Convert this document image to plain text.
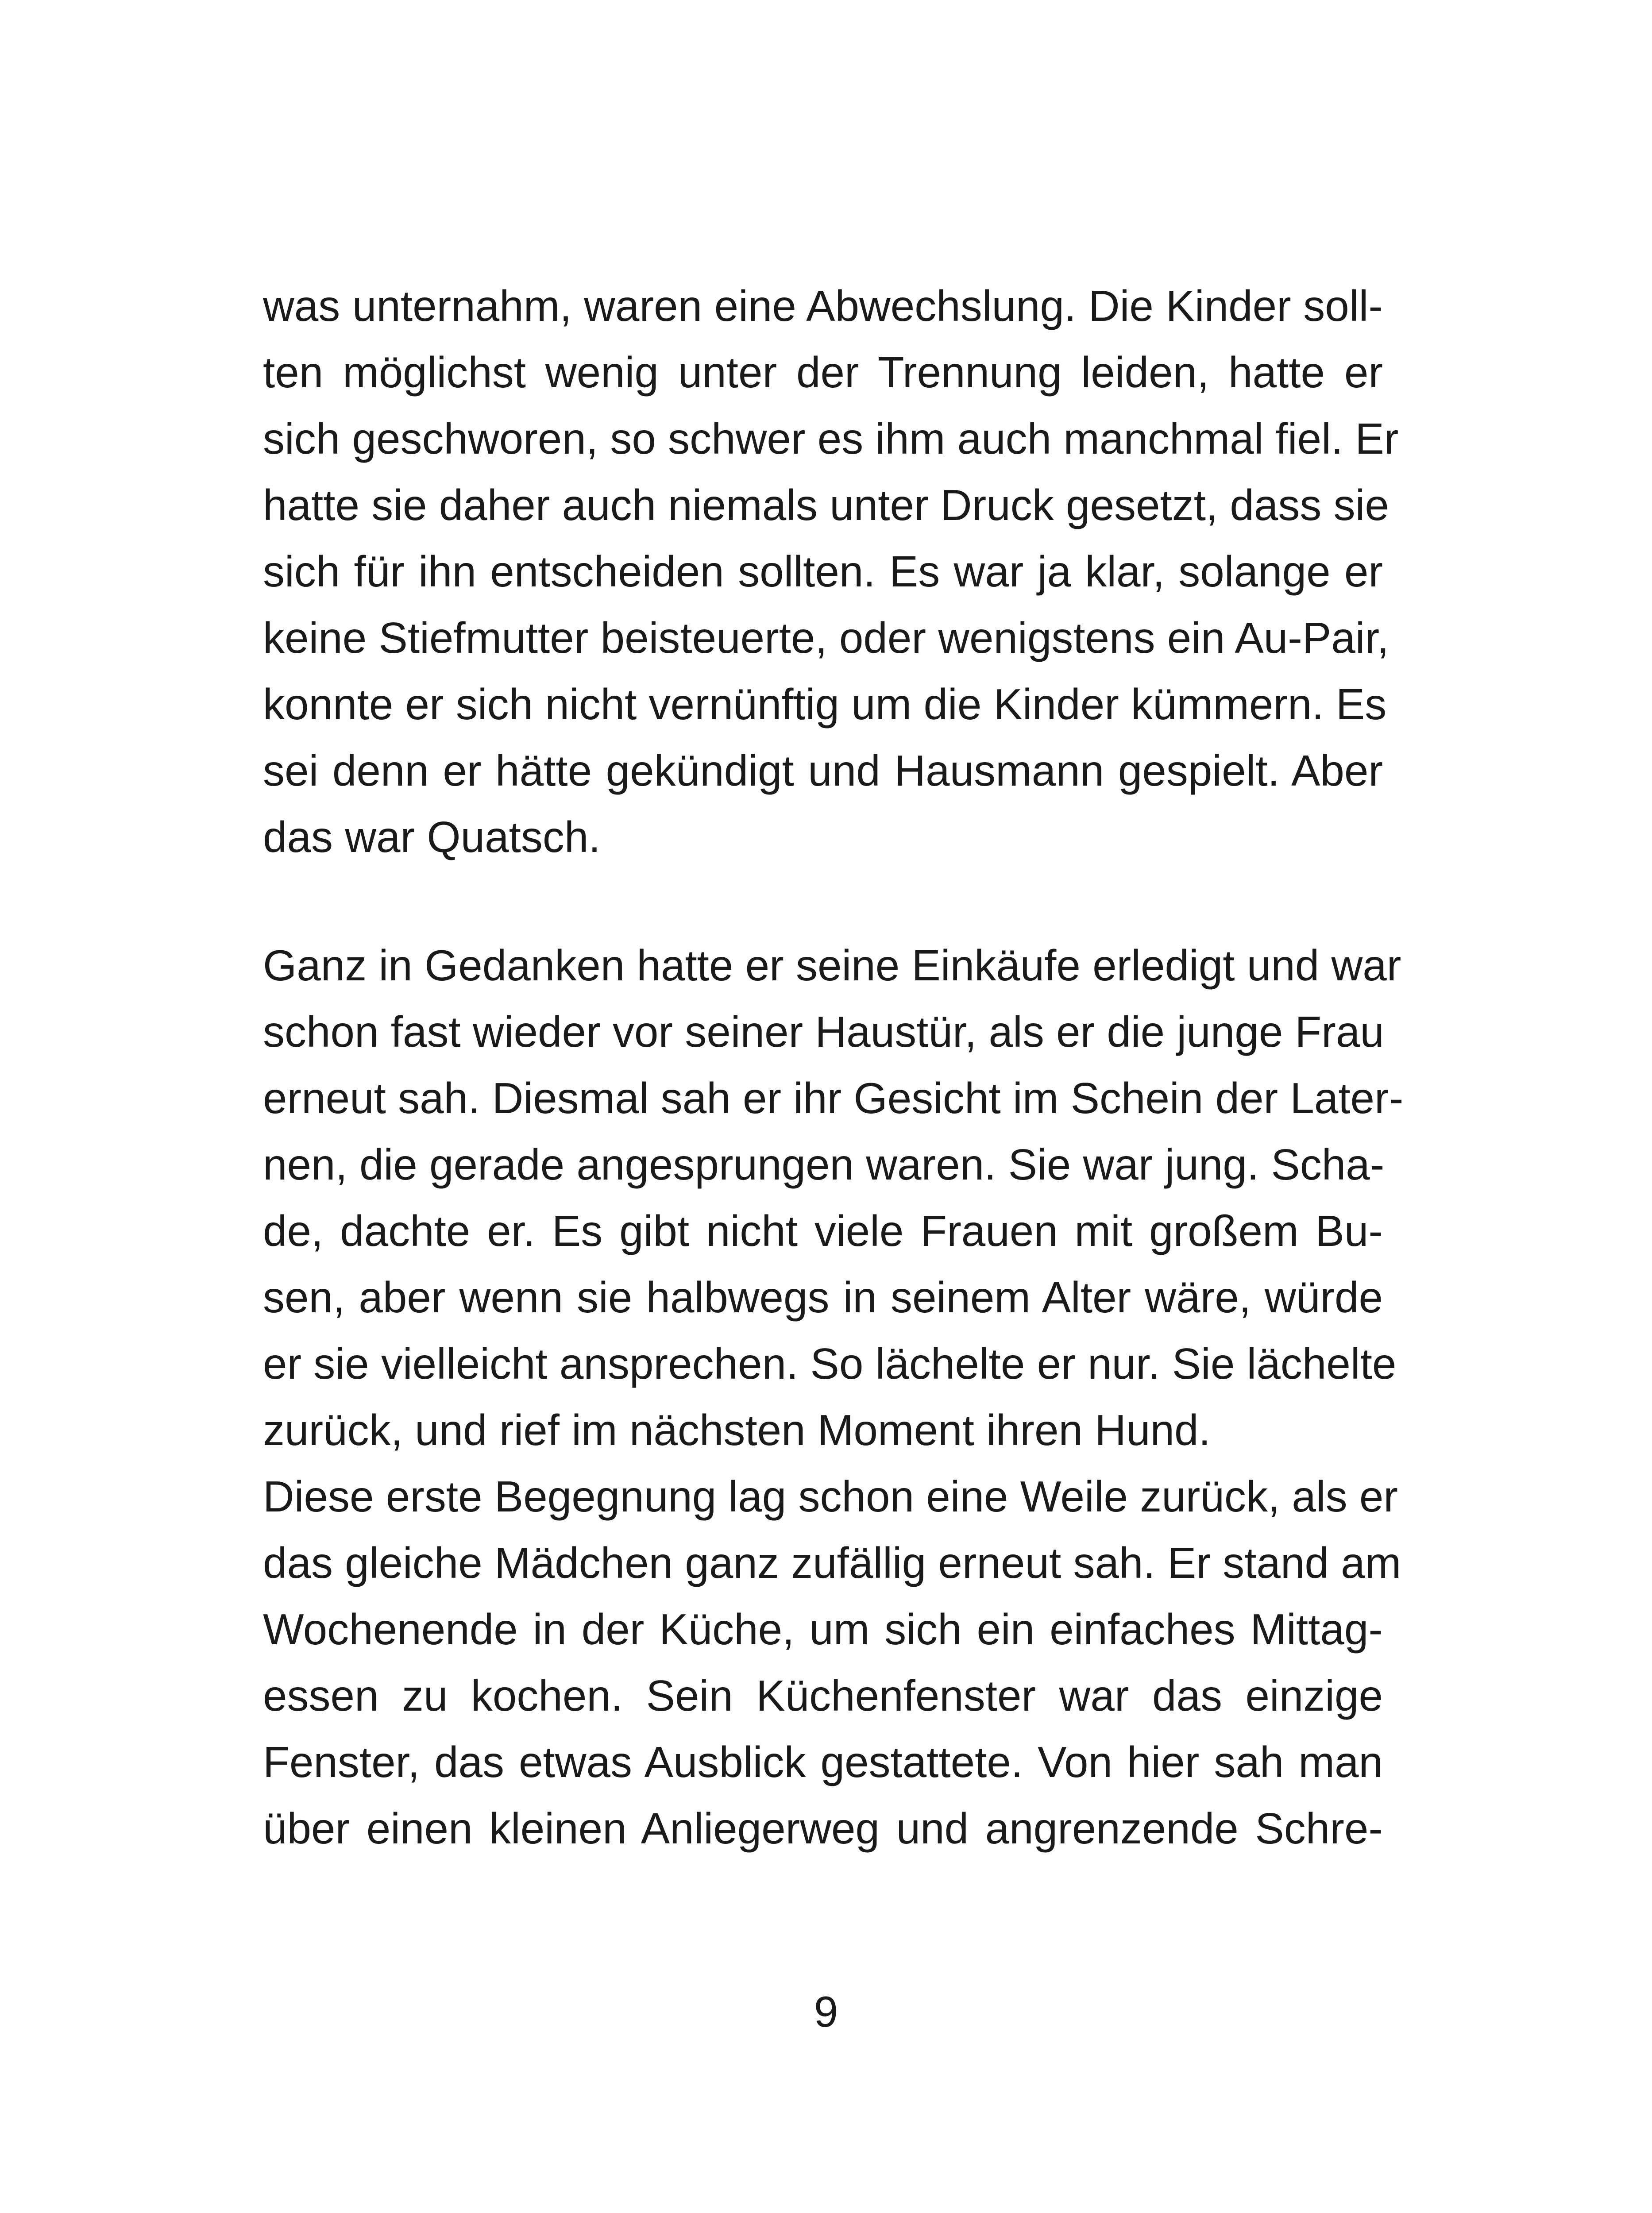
was unternahm, waren eine Abwechslung. Die Kinder soll-
ten möglichst wenig unter der Trennung leiden, hatte er
sich geschworen, so schwer es ihm auch manchmal fiel. Er
hatte sie daher auch niemals unter Druck gesetzt, dass sie
sich für ihn entscheiden sollten. Es war ja klar, solange er
keine Stiefmutter beisteuerte, oder wenigstens ein Au-Pair,
konnte er sich nicht vernünftig um die Kinder kümmern. Es
sei denn er hätte gekündigt und Hausmann gespielt. Aber
das war Quatsch.
Ganz in Gedanken hatte er seine Einkäufe erledigt und war
schon fast wieder vor seiner Haustür, als er die junge Frau
erneut sah. Diesmal sah er ihr Gesicht im Schein der Later-
nen, die gerade angesprungen waren. Sie war jung. Scha-
de, dachte er. Es gibt nicht viele Frauen mit großem Bu-
sen, aber wenn sie halbwegs in seinem Alter wäre, würde
er sie vielleicht ansprechen. So lächelte er nur. Sie lächelte
zurück, und rief im nächsten Moment ihren Hund.
Diese erste Begegnung lag schon eine Weile zurück, als er
das gleiche Mädchen ganz zufällig erneut sah. Er stand am
Wochenende in der Küche, um sich ein einfaches Mittag-
essen zu kochen. Sein Küchenfenster war das einzige
Fenster, das etwas Ausblick gestattete. Von hier sah man
über einen kleinen Anliegerweg und angrenzende Schre-
9
